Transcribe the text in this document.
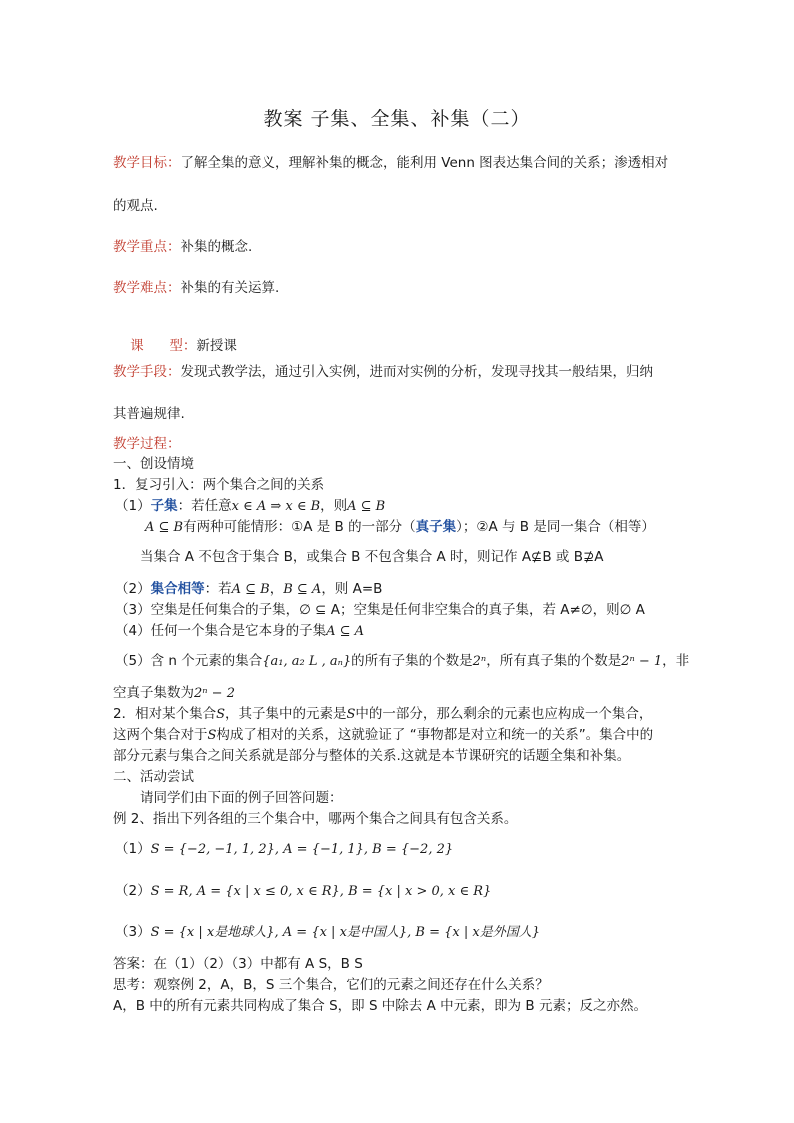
教案 子集、全集、补集（二）
教学目标：了解全集的意义，理解补集的概念，能利用 Venn 图表达集合间的关系；渗透相对
的观点.
教学重点：补集的概念.
教学难点：补集的有关运算.

课      型：新授课

教学手段：发现式教学法，通过引入实例，进而对实例的分析，发现寻找其一般结果，归纳
其普遍规律.
教学过程：
一、创设情境
1．复习引入：两个集合之间的关系
（1）子集：若任意x ∈ A ⇒ x ∈ B，则A ⊆ B
A ⊆ B有两种可能情形：①A 是 B 的一部分（真子集）；②A 与 B 是同一集合（相等）
当集合 A 不包含于集合 B，或集合 B 不包含集合 A 时，则记作 A⊈B 或 B⊉A
（2）集合相等：若A ⊆ B，B ⊆ A，则 A=B
（3）空集是任何集合的子集，∅ ⊆ A；空集是任何非空集合的真子集，若 A≠∅，则∅ A
（4）任何一个集合是它本身的子集A ⊆ A
（5）含 n 个元素的集合{a₁, a₂ L , aₙ}的所有子集的个数是2ⁿ，所有真子集的个数是2ⁿ − 1，非
空真子集数为2ⁿ − 2
2．相对某个集合S，其子集中的元素是S中的一部分，那么剩余的元素也应构成一个集合，
这两个集合对于S构成了相对的关系，这就验证了 “事物都是对立和统一的关系”。集合中的
部分元素与集合之间关系就是部分与整体的关系.这就是本节课研究的话题全集和补集。
二、活动尝试
请同学们由下面的例子回答问题：
例 2、指出下列各组的三个集合中，哪两个集合之间具有包含关系。
（1）S = {−2, −1, 1, 2}, A = {−1, 1}, B = {−2, 2}
（2）S = R, A = {x | x ≤ 0, x ∈ R}, B = {x | x > 0, x ∈ R}
（3）S = {x | x是地球人}, A = {x | x是中国人}, B = {x | x是外国人}
答案：在（1）（2）（3）中都有 A S，B S
思考：观察例 2，A，B，S 三个集合，它们的元素之间还存在什么关系？
A，B 中的所有元素共同构成了集合 S，即 S 中除去 A 中元素，即为 B 元素；反之亦然。
